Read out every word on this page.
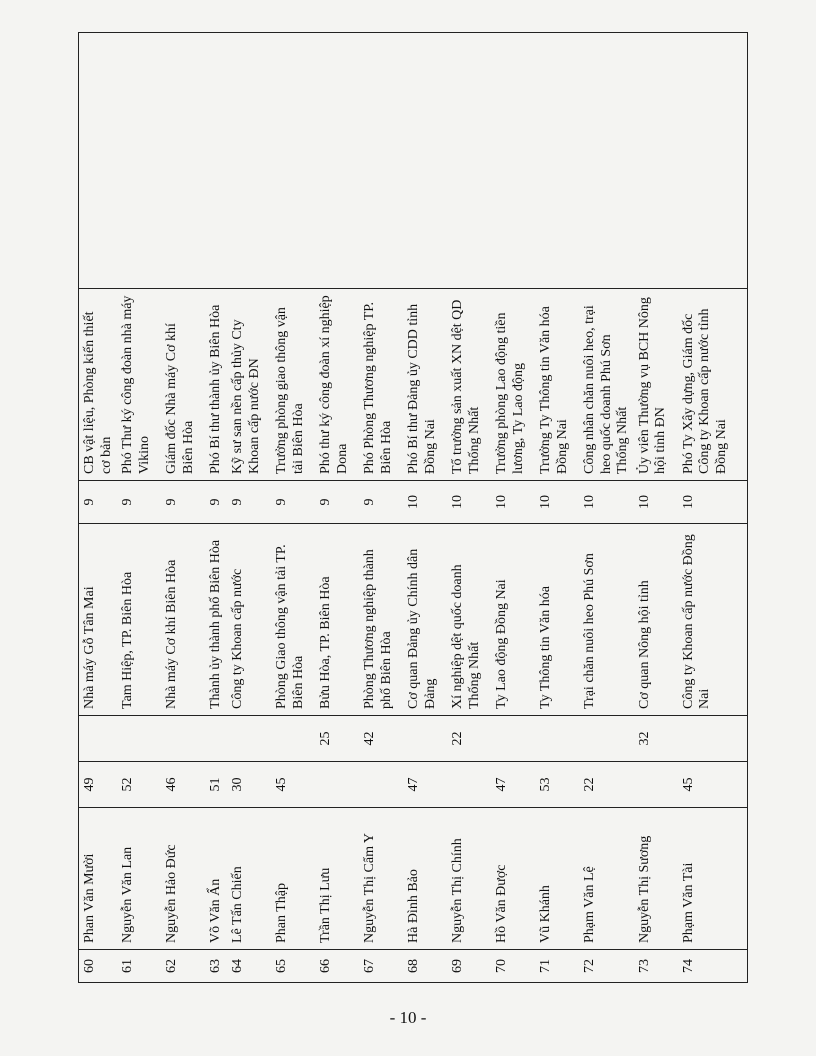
60	Phan Văn Mười	49		Nhà máy Gỗ Tân Mai	9	CB vật liệu, Phòng kiến thiết cơ bản	
61	Nguyễn Văn Lan	52		Tam Hiệp, TP. Biên Hòa	9	Phó Thư ký công đoàn nhà máy Vikino	
62	Nguyễn Hảo Đức	46		Nhà máy Cơ khí Biên Hòa	9	Giám đốc Nhà máy Cơ khí Biên Hòa	
63	Võ Văn Ẩn	51		Thành ủy thành phố Biên Hòa	9	Phó Bí thư thành ủy Biên Hòa	
64	Lê Tấn Chiến	30		Công ty Khoan cấp nước	9	Kỹ sư san nền cấp thủy Cty Khoan cấp nước ĐN	
65	Phan Thập	45		Phòng Giao thông vận tải TP. Biên Hòa	9	Trưởng phòng giao thông vận tải Biên Hòa	
66	Trần Thị Lưu		25	Bửu Hòa, TP. Biên Hòa	9	Phó thư ký công đoàn xí nghiệp Dona	
67	Nguyễn Thị Cẩm Y		42	Phòng Thương nghiệp thành phố Biên Hòa	9	Phó Phòng Thương nghiệp TP. Biên Hòa	
68	Hà Đình Bảo	47		Cơ quan Đảng ủy Chính dân Đảng	10	Phó Bí thư Đảng ủy CDD tỉnh Đồng Nai	
69	Nguyễn Thị Chính		22	Xí nghiệp dệt quốc doanh Thống Nhất	10	Tổ trưởng sản xuất XN dệt QD Thống Nhất	
70	Hồ Văn Được	47		Ty Lao động Đồng Nai	10	Trưởng phòng Lao động tiền lương, Ty Lao động	
71	Vũ Khánh	53		Ty Thông tin Văn hóa	10	Trưởng Ty Thông tin Văn hóa Đồng Nai	
72	Phạm Văn Lệ	22		Trại chăn nuôi heo Phú Sơn	10	Công nhân chăn nuôi heo, trại heo quốc doanh Phú Sơn Thống Nhất	
73	Nguyễn Thị Sương		32	Cơ quan Nông hội tỉnh	10	Ủy viên Thường vụ BCH Nông hội tỉnh ĐN	
74	Phạm Văn Tài	45		Công ty Khoan cấp nước Đồng Nai	10	Phó Ty Xây dựng, Giám đốc Công ty Khoan cấp nước tỉnh Đồng Nai	

- 10 -
